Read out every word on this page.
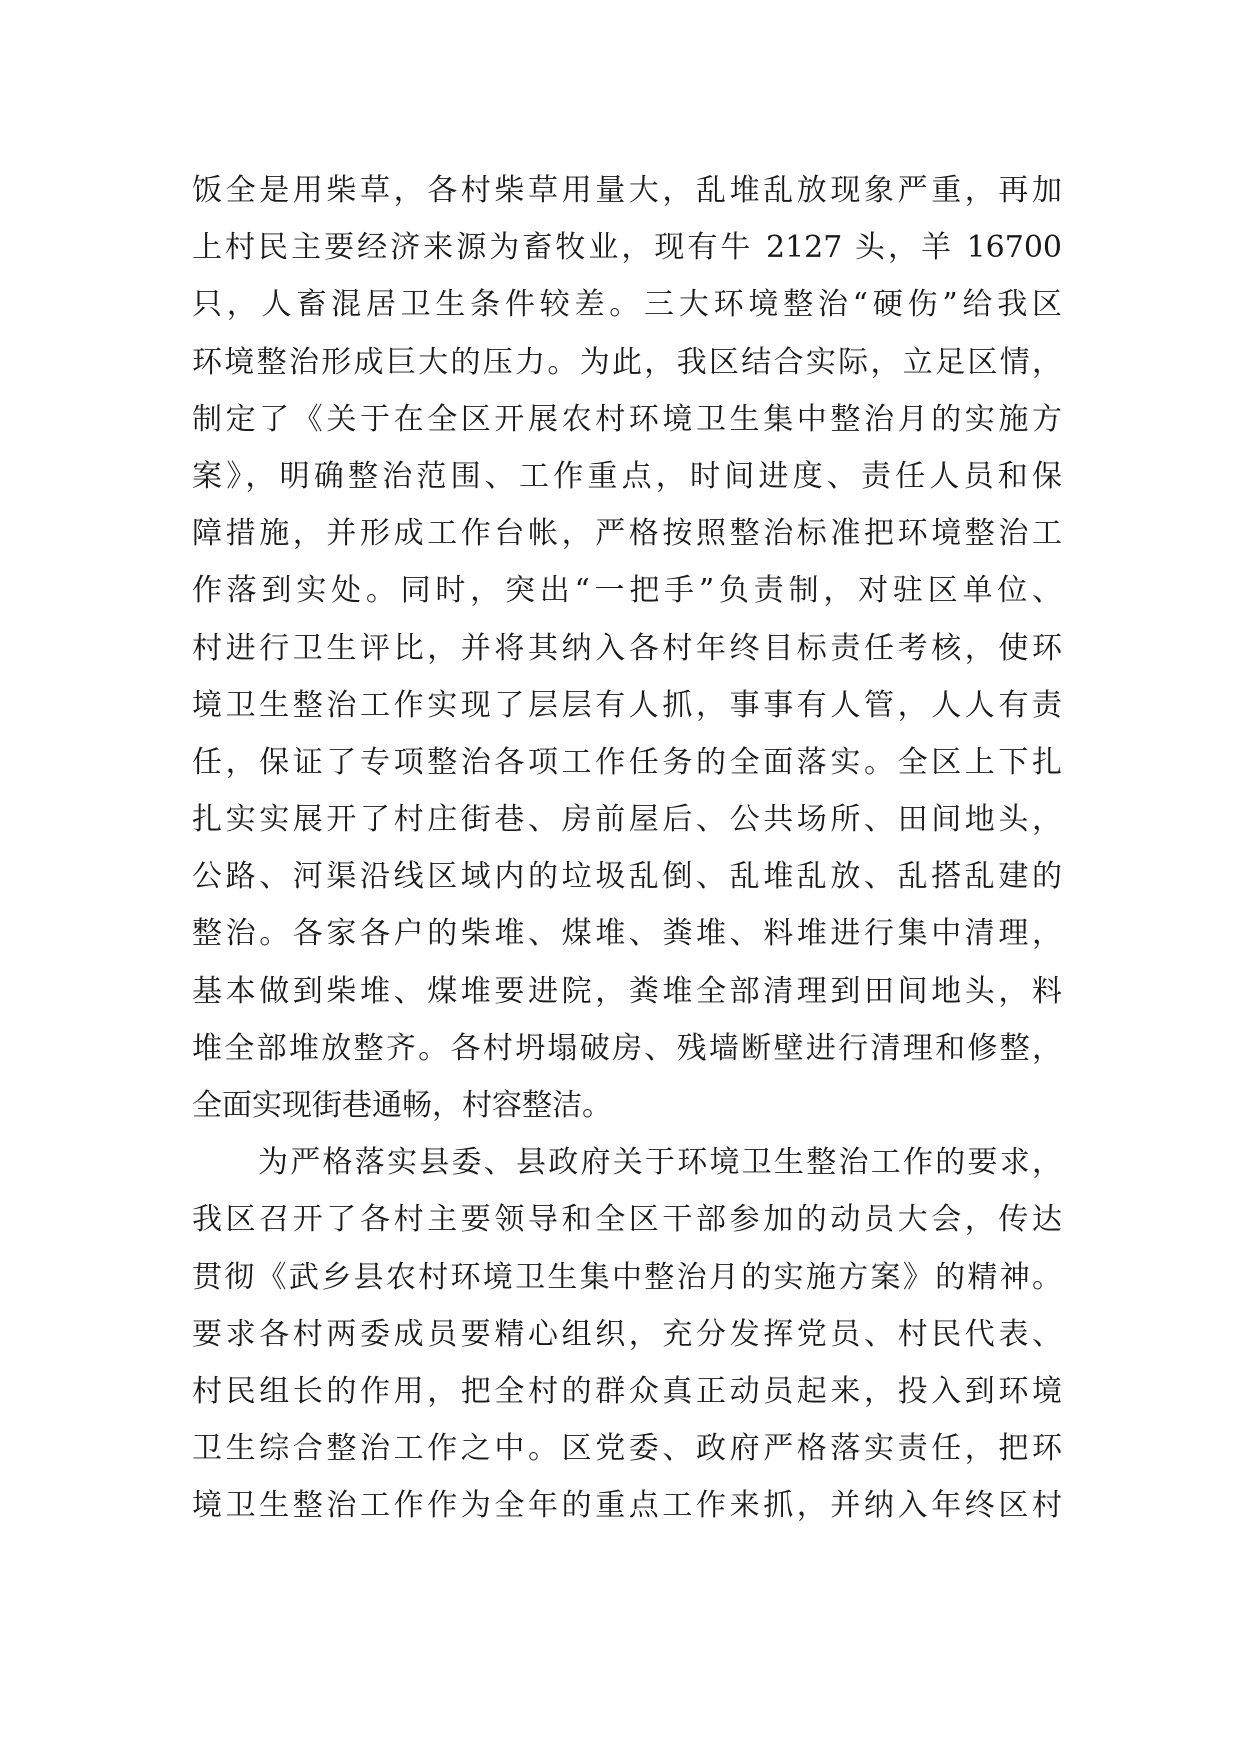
饭全是用柴草，各村柴草用量大，乱堆乱放现象严重，再加
上村民主要经济来源为畜牧业，现有牛 2127 头，羊 16700
只，人畜混居卫生条件较差。三大环境整治“硬伤”给我区
环境整治形成巨大的压力。为此，我区结合实际，立足区情，
制定了《关于在全区开展农村环境卫生集中整治月的实施方
案》，明确整治范围、工作重点，时间进度、责任人员和保
障措施，并形成工作台帐，严格按照整治标准把环境整治工
作落到实处。同时，突出“一把手”负责制，对驻区单位、
村进行卫生评比，并将其纳入各村年终目标责任考核，使环
境卫生整治工作实现了层层有人抓，事事有人管，人人有责
任，保证了专项整治各项工作任务的全面落实。全区上下扎
扎实实展开了村庄街巷、房前屋后、公共场所、田间地头，
公路、河渠沿线区域内的垃圾乱倒、乱堆乱放、乱搭乱建的
整治。各家各户的柴堆、煤堆、粪堆、料堆进行集中清理，
基本做到柴堆、煤堆要进院，粪堆全部清理到田间地头，料
堆全部堆放整齐。各村坍塌破房、残墙断壁进行清理和修整，
全面实现街巷通畅，村容整洁。
为严格落实县委、县政府关于环境卫生整治工作的要求，
我区召开了各村主要领导和全区干部参加的动员大会，传达
贯彻《武乡县农村环境卫生集中整治月的实施方案》的精神。
要求各村两委成员要精心组织，充分发挥党员、村民代表、
村民组长的作用，把全村的群众真正动员起来，投入到环境
卫生综合整治工作之中。区党委、政府严格落实责任，把环
境卫生整治工作作为全年的重点工作来抓，并纳入年终区村
